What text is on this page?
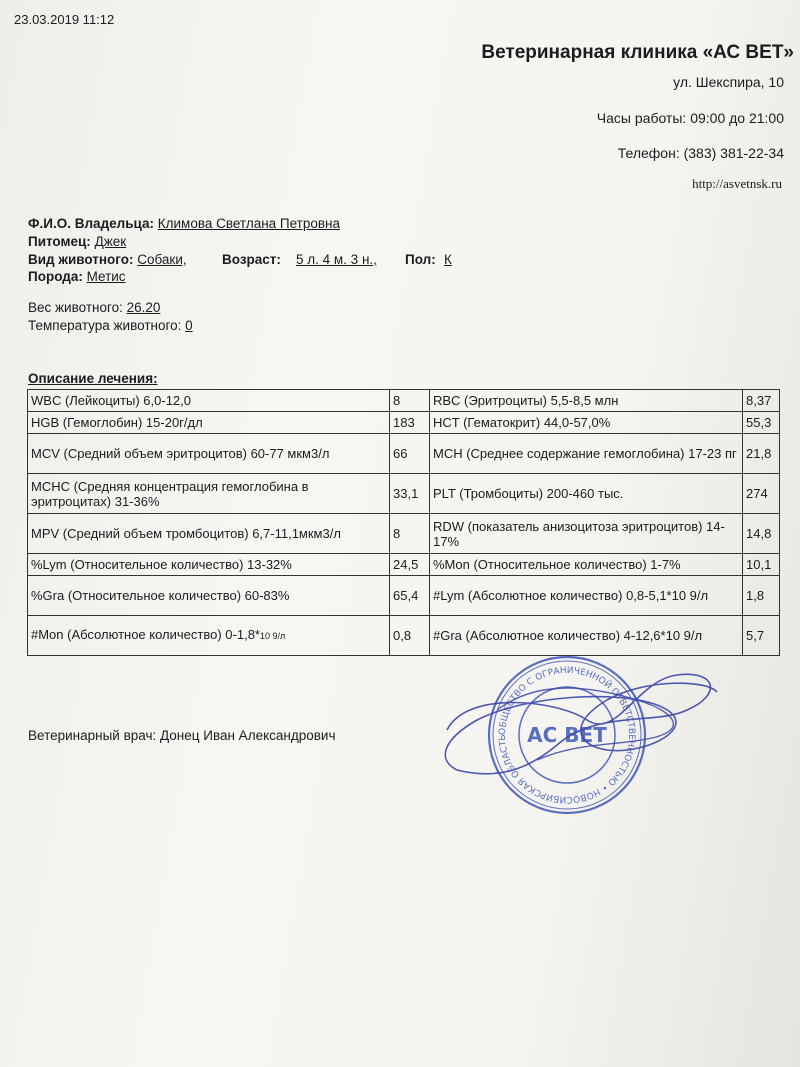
23.03.2019 11:12
Ветеринарная клиника «АС ВЕТ»
ул. Шекспира, 10
Часы работы: 09:00 до 21:00
Телефон: (383) 381-22-34
http://asvetnsk.ru
Ф.И.О. Владельца: Климова Светлана Петровна
Питомец: Джек
Вид животного: Собаки,	Возраст: 5 л. 4 м. 3 н., Пол: К
Порода: Метис
Вес животного: 26.20
Температура животного: 0
Описание лечения:
WBC (Лейкоциты) 6,0-12,0	8	RBC (Эритроциты) 5,5-8,5 млн	8,37
HGB (Гемоглобин) 15-20г/дл	183	HCT (Гематокрит) 44,0-57,0%	55,3
MCV (Средний объем эритроцитов) 60-77 мкм3/л	66	MCH (Среднее содержание гемоглобина) 17-23 пг	21,8
MCHC (Средняя концентрация гемоглобина в эритроцитах) 31-36%	33,1	PLT (Тромбоциты) 200-460 тыс.	274
MPV (Средний объем тромбоцитов) 6,7-11,1мкм3/л	8	RDW (показатель анизоцитоза эритроцитов) 14-17%	14,8
%Lym (Относительное количество) 13-32%	24,5	%Mon (Относительное количество) 1-7%	10,1
%Gra (Относительное количество) 60-83%	65,4	#Lym (Абсолютное количество) 0,8-5,1*10 9/л	1,8
#Mon (Абсолютное количество) 0-1,8*10 9/л	0,8	#Gra (Абсолютное количество) 4-12,6*10 9/л	5,7
Ветеринарный врач: Донец Иван Александрович	ОБЩЕСТВО С ОГРАНИЧЕННОЙ ОТВЕТСТВЕННОСТЬЮ • НОВОСИБИРСКАЯ ОБЛАСТЬ АС ВЕТ
